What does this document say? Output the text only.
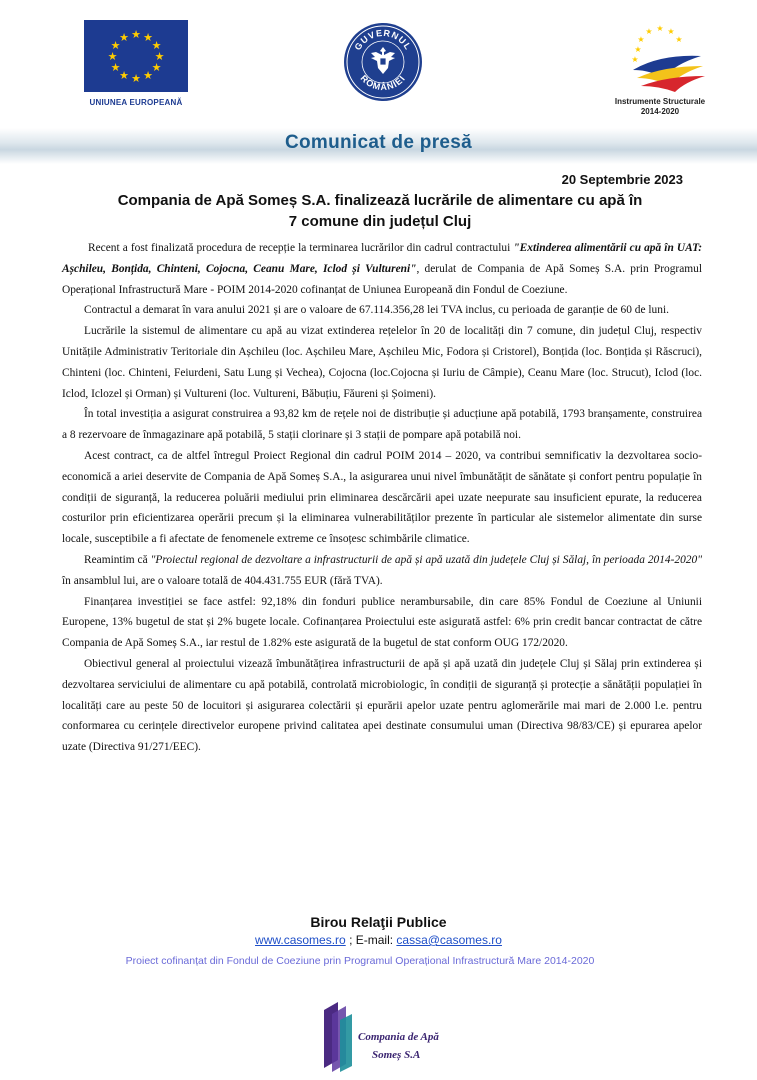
★ ★
★
★
★
★
★
★
★
★
★
★
UNIUNEA EUROPEANĂ
GUVERNUL
ROMÂNIEI
★ ★ ★
★
★
★
★
Instrumente Structurale
2014-2020
Comunicat de presă
20 Septembrie 2023
Compania de Apă Someș S.A. finalizează lucrările de alimentare cu apă în
7 comune din județul Cluj

Recent a fost finalizată procedura de recepție la terminarea lucrărilor din cadrul contractului "Extinderea alimentării cu apă în UAT: Așchileu, Bonțida, Chinteni, Cojocna, Ceanu Mare, Iclod și Vultureni", derulat de Compania de Apă Someș S.A. prin Programul Operațional Infrastructură Mare - POIM 2014-2020 cofinanțat de Uniunea Europeană din Fondul de Coeziune.

Contractul a demarat în vara anului 2021 și are o valoare de 67.114.356,28 lei TVA inclus, cu perioada de garanție de 60 de luni.

Lucrările la sistemul de alimentare cu apă au vizat extinderea rețelelor în 20 de localități din 7 comune, din județul Cluj, respectiv Unitățile Administrativ Teritoriale din Așchileu (loc. Așchileu Mare, Așchileu Mic, Fodora și Cristorel), Bonțida (loc. Bonțida și Răscruci), Chinteni (loc. Chinteni, Feiurdeni, Satu Lung și Vechea), Cojocna (loc.Cojocna și Iuriu de Câmpie), Ceanu Mare (loc. Strucut), Iclod (loc. Iclod, Iclozel și Orman) și Vultureni (loc. Vultureni, Băbuțiu, Făureni și Șoimeni).

În total investiția a asigurat construirea a 93,82 km de rețele noi de distribuție și aducțiune apă potabilă, 1793 branșamente, construirea a 8 rezervoare de înmagazinare apă potabilă, 5 stații clorinare și 3 stații de pompare apă potabilă noi.

Acest contract, ca de altfel întregul Proiect Regional din cadrul POIM 2014 – 2020, va contribui semnificativ la dezvoltarea socio-economică a ariei deservite de Compania de Apă Someș S.A., la asigurarea unui nivel îmbunătățit de sănătate și confort pentru populație în condiții de siguranță, la reducerea poluării mediului prin eliminarea descărcării apei uzate neepurate sau insuficient epurate, la reducerea costurilor prin eficientizarea operării precum și la eliminarea vulnerabilităților prezente în particular ale sistemelor alimentate din surse locale, susceptibile a fi afectate de fenomenele extreme ce însoțesc schimbările climatice.

Reamintim că "Proiectul regional de dezvoltare a infrastructurii de apă și apă uzată din județele Cluj și Sălaj, în perioada 2014-2020" în ansamblul lui, are o valoare totală de 404.431.755 EUR (fără TVA).

Finanțarea investiției se face astfel: 92,18% din fonduri publice nerambursabile, din care 85% Fondul de Coeziune al Uniunii Europene, 13% bugetul de stat și 2% bugete locale. Cofinanțarea Proiectului este asigurată astfel: 6% prin credit bancar contractat de către Compania de Apă Someș S.A., iar restul de 1.82% este asigurată de la bugetul de stat conform OUG 172/2020.

Obiectivul general al proiectului vizează îmbunătățirea infrastructurii de apă și apă uzată din județele Cluj și Sălaj prin extinderea și dezvoltarea serviciului de alimentare cu apă potabilă, controlată microbiologic, în condiții de siguranță și protecție a sănătății populației în localități care au peste 50 de locuitori și asigurarea colectării și epurării apelor uzate pentru aglomerările mai mari de 2.000 l.e. pentru conformarea cu cerințele directivelor europene privind calitatea apei destinate consumului uman (Directiva 98/83/CE) și epurarea apelor uzate (Directiva 91/271/EEC).

Birou Relaţii Publice
www.casomes.ro ; E-mail: cassa@casomes.ro
Proiect cofinanțat din Fondul de Coeziune prin Programul Operațional Infrastructură Mare 2014-2020
Compania de Apă
Someș S.A
